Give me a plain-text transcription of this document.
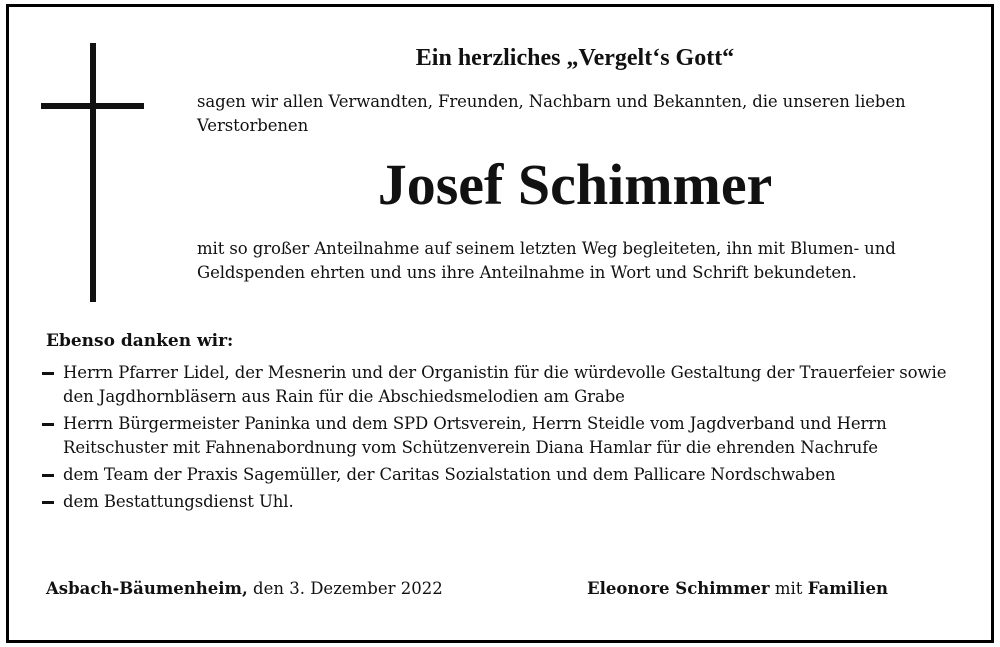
Ein herzliches „Vergelt‘s Gott“
sagen wir allen Verwandten, Freunden, Nachbarn und Bekannten, die unseren lieben Verstorbenen
Josef Schimmer
mit so großer Anteilnahme auf seinem letzten Weg begleiteten, ihn mit Blumen- und Geldspenden ehrten und uns ihre Anteilnahme in Wort und Schrift bekundeten.
Ebenso danken wir:
Herrn Pfarrer Lidel, der Mesnerin und der Organistin für die würdevolle Gestaltung der Trauerfeier sowie den Jagdhornbläsern aus Rain für die Abschiedsmelodien am Grabe
Herrn Bürgermeister Paninka und dem SPD Ortsverein, Herrn Steidle vom Jagdverband und Herrn Reitschuster mit Fahnenabordnung vom Schützenverein Diana Hamlar für die ehrenden Nachrufe
dem Team der Praxis Sagemüller, der Caritas Sozialstation und dem Pallicare Nordschwaben
dem Bestattungsdienst Uhl.
Asbach-Bäumenheim, den 3. Dezember 2022	Eleonore Schimmer mit Familien
